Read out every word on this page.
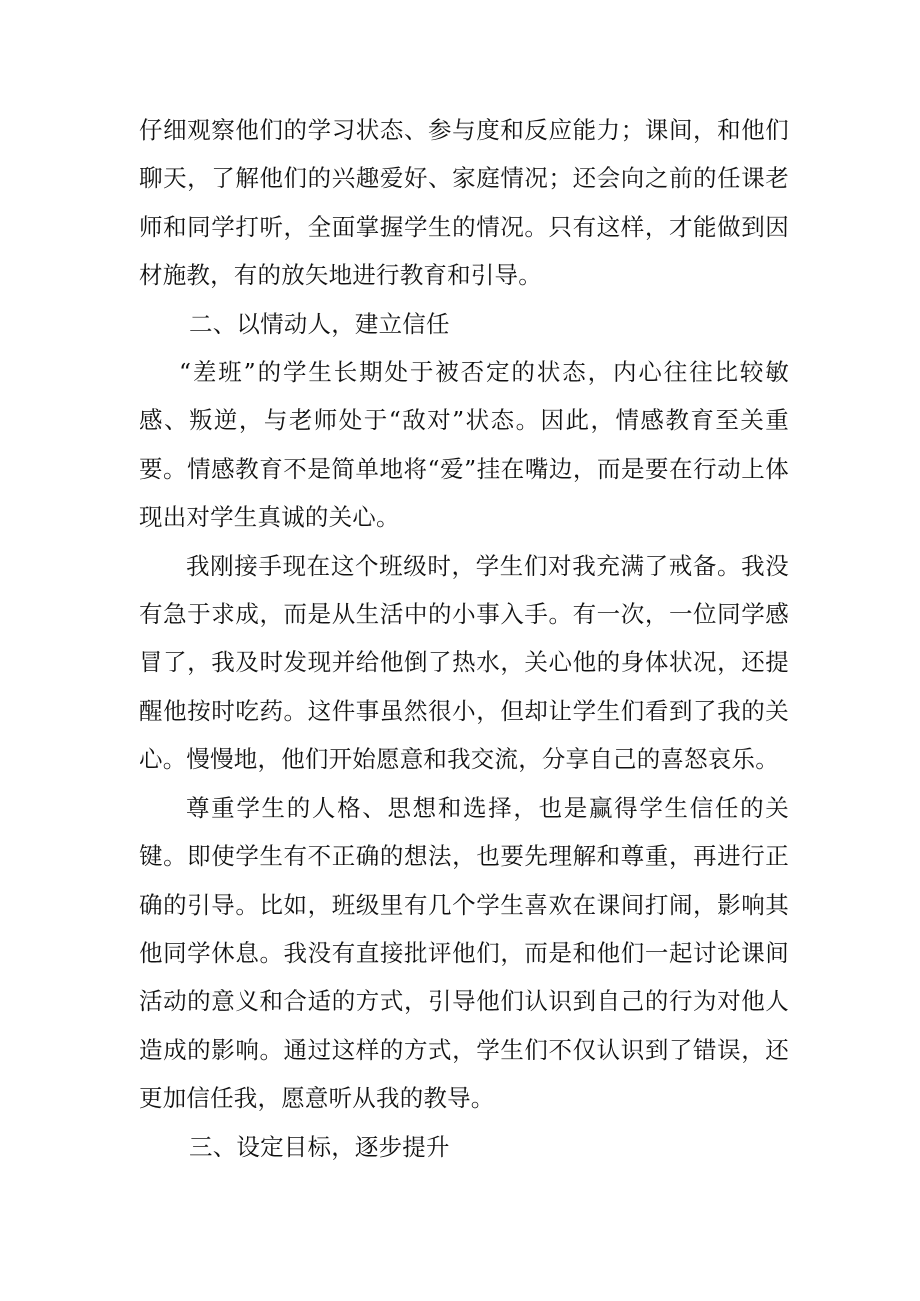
仔细观察他们的学习状态、参与度和反应能力；课间，和他们聊天，了解他们的兴趣爱好、家庭情况；还会向之前的任课老师和同学打听，全面掌握学生的情况。只有这样，才能做到因材施教，有的放矢地进行教育和引导。

二、以情动人，建立信任

“差班”的学生长期处于被否定的状态，内心往往比较敏感、叛逆，与老师处于“敌对”状态。因此，情感教育至关重要。情感教育不是简单地将“爱”挂在嘴边，而是要在行动上体现出对学生真诚的关心。

我刚接手现在这个班级时，学生们对我充满了戒备。我没有急于求成，而是从生活中的小事入手。有一次，一位同学感冒了，我及时发现并给他倒了热水，关心他的身体状况，还提醒他按时吃药。这件事虽然很小，但却让学生们看到了我的关心。慢慢地，他们开始愿意和我交流，分享自己的喜怒哀乐。

尊重学生的人格、思想和选择，也是赢得学生信任的关键。即使学生有不正确的想法，也要先理解和尊重，再进行正确的引导。比如，班级里有几个学生喜欢在课间打闹，影响其他同学休息。我没有直接批评他们，而是和他们一起讨论课间活动的意义和合适的方式，引导他们认识到自己的行为对他人造成的影响。通过这样的方式，学生们不仅认识到了错误，还更加信任我，愿意听从我的教导。

三、设定目标，逐步提升
